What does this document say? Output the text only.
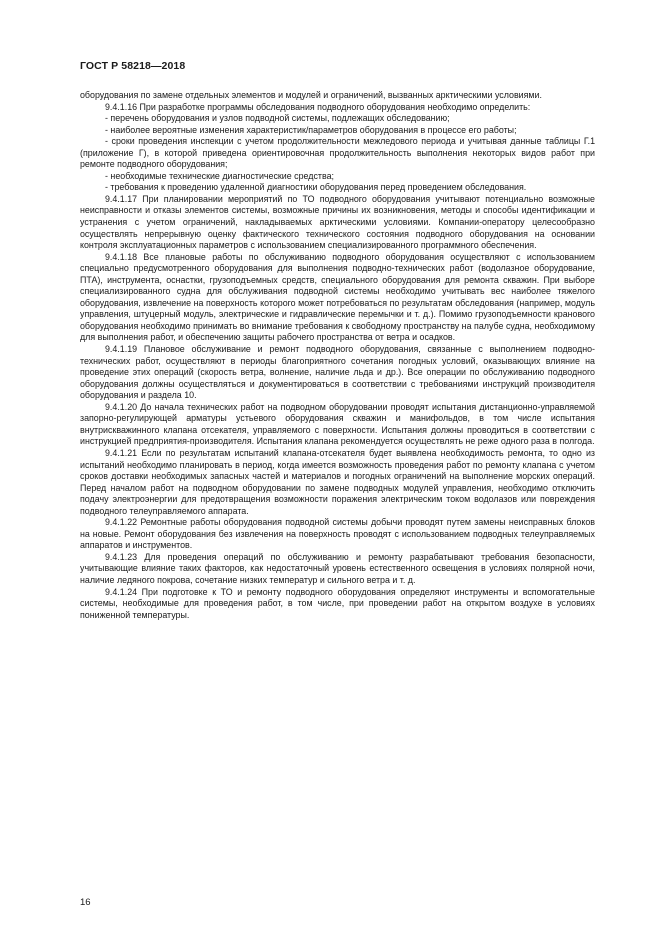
ГОСТ Р 58218—2018

оборудования по замене отдельных элементов и модулей и ограничений, вызванных арктическими условиями.

9.4.1.16 При разработке программы обследования подводного оборудования необходимо определить:

- перечень оборудования и узлов подводной системы, подлежащих обследованию;

- наиболее вероятные изменения характеристик/параметров оборудования в процессе его работы;

- сроки проведения инспекции с учетом продолжительности межледового периода и учитывая данные таблицы Г.1 (приложение Г), в которой приведена ориентировочная продолжительность выполнения некоторых видов работ при ремонте подводного оборудования;

- необходимые технические диагностические средства;

- требования к проведению удаленной диагностики оборудования перед проведением обследования.

9.4.1.17 При планировании мероприятий по ТО подводного оборудования учитывают потенциально возможные неисправности и отказы элементов системы, возможные причины их возникновения, методы и способы идентификации и устранения с учетом ограничений, накладываемых арктическими условиями. Компании-оператору целесообразно осуществлять непрерывную оценку фактического технического состояния подводного оборудования на основании контроля эксплуатационных параметров с использованием специализированного программного обеспечения.

9.4.1.18 Все плановые работы по обслуживанию подводного оборудования осуществляют с использованием специально предусмотренного оборудования для выполнения подводно-технических работ (водолазное оборудование, ПТА), инструмента, оснастки, грузоподъемных средств, специального оборудования для ремонта скважин. При выборе специализированного судна для обслуживания подводной системы необходимо учитывать вес наиболее тяжелого оборудования, извлечение на поверхность которого может потребоваться по результатам обследования (например, модуль управления, штуцерный модуль, электрические и гидравлические перемычки и т. д.). Помимо грузоподъемности кранового оборудования необходимо принимать во внимание требования к свободному пространству на палубе судна, необходимому для выполнения работ, и обеспечению защиты рабочего пространства от ветра и осадков.

9.4.1.19 Плановое обслуживание и ремонт подводного оборудования, связанные с выполнением подводно-технических работ, осуществляют в периоды благоприятного сочетания погодных условий, оказывающих влияние на проведение этих операций (скорость ветра, волнение, наличие льда и др.). Все операции по обслуживанию подводного оборудования должны осуществляться и документироваться в соответствии с требованиями инструкций производителя оборудования и раздела 10.

9.4.1.20 До начала технических работ на подводном оборудовании проводят испытания дистанционно-управляемой запорно-регулирующей арматуры устьевого оборудования скважин и манифольдов, в том числе испытания внутрискважинного клапана отсекателя, управляемого с поверхности. Испытания должны проводиться в соответствии с инструкцией предприятия-производителя. Испытания клапана рекомендуется осуществлять не реже одного раза в полгода.

9.4.1.21 Если по результатам испытаний клапана-отсекателя будет выявлена необходимость ремонта, то одно из испытаний необходимо планировать в период, когда имеется возможность проведения работ по ремонту клапана с учетом сроков доставки необходимых запасных частей и материалов и погодных ограничений на выполнение морских операций. Перед началом работ на подводном оборудовании по замене подводных модулей управления, необходимо отключить подачу электроэнергии для предотвращения возможности поражения электрическим током водолазов или повреждения подводного телеуправляемого аппарата.

9.4.1.22 Ремонтные работы оборудования подводной системы добычи проводят путем замены неисправных блоков на новые. Ремонт оборудования без извлечения на поверхность проводят с использованием подводных телеуправляемых аппаратов и инструментов.

9.4.1.23 Для проведения операций по обслуживанию и ремонту разрабатывают требования безопасности, учитывающие влияние таких факторов, как недостаточный уровень естественного освещения в условиях полярной ночи, наличие ледяного покрова, сочетание низких температур и сильного ветра и т. д.

9.4.1.24 При подготовке к ТО и ремонту подводного оборудования определяют инструменты и вспомогательные системы, необходимые для проведения работ, в том числе, при проведении работ на открытом воздухе в условиях пониженной температуры.

16
